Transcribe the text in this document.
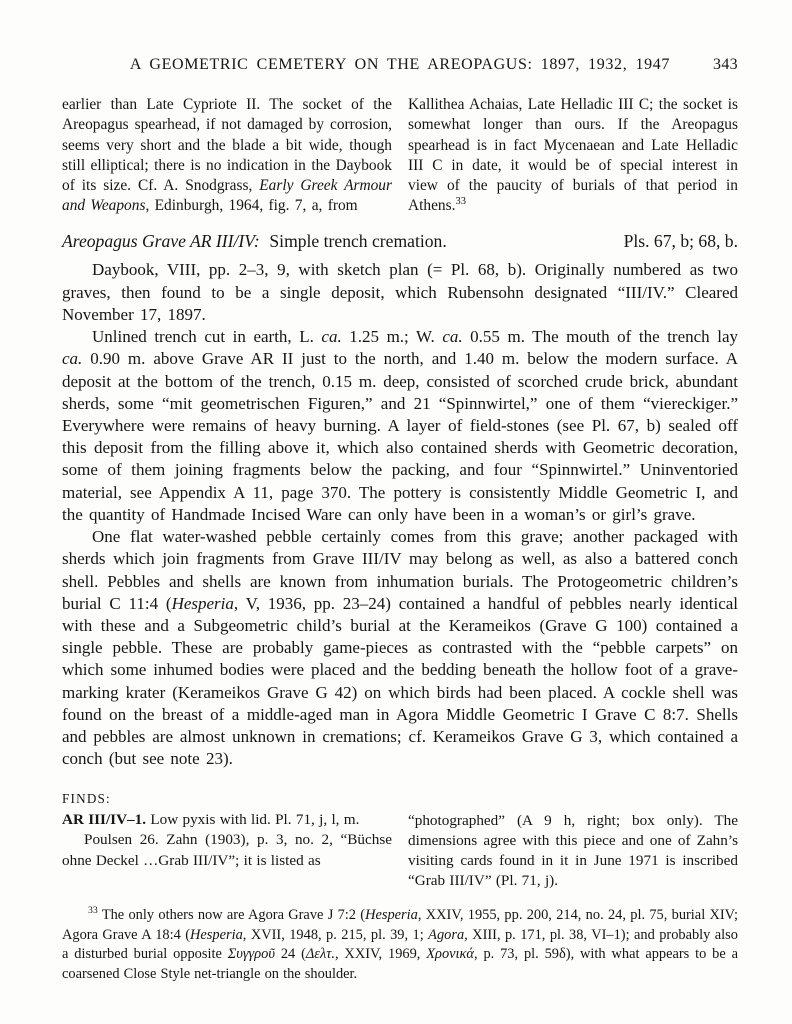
A GEOMETRIC CEMETERY ON THE AREOPAGUS: 1897, 1932, 1947	343
earlier than Late Cypriote II. The socket of the Areopagus spearhead, if not damaged by corrosion, seems very short and the blade a bit wide, though still elliptical; there is no indication in the Daybook of its size. Cf. A. Snodgrass, Early Greek Armour and Weapons, Edinburgh, 1964, fig. 7, a, from
Kallithea Achaias, Late Helladic III C; the socket is somewhat longer than ours. If the Areopagus spearhead is in fact Mycenaean and Late Helladic III C in date, it would be of special interest in view of the paucity of burials of that period in Athens.$^{33}$
Areopagus Grave AR III/IV: Simple trench cremation.	Pls. 67, b; 68, b.

Daybook, VIII, pp. 2–3, 9, with sketch plan (= Pl. 68, b). Originally numbered as two graves, then found to be a single deposit, which Rubensohn designated “III/IV.” Cleared November 17, 1897.

Unlined trench cut in earth, L. ca. 1.25 m.; W. ca. 0.55 m. The mouth of the trench lay ca. 0.90 m. above Grave AR II just to the north, and 1.40 m. below the modern surface. A deposit at the bottom of the trench, 0.15 m. deep, consisted of scorched crude brick, abundant sherds, some “mit geometrischen Figuren,” and 21 “Spinnwirtel,” one of them “viereckiger.” Everywhere were remains of heavy burning. A layer of field-stones (see Pl. 67, b) sealed off this deposit from the filling above it, which also contained sherds with Geometric decoration, some of them joining fragments below the packing, and four “Spinnwirtel.” Uninventoried material, see Appendix A 11, page 370. The pottery is consistently Middle Geometric I, and the quantity of Handmade Incised Ware can only have been in a woman’s or girl’s grave.

One flat water-washed pebble certainly comes from this grave; another packaged with sherds which join fragments from Grave III/IV may belong as well, as also a battered conch shell. Pebbles and shells are known from inhumation burials. The Protogeometric children’s burial C 11:4 (Hesperia, V, 1936, pp. 23–24) contained a handful of pebbles nearly identical with these and a Subgeometric child’s burial at the Kerameikos (Grave G 100) contained a single pebble. These are probably game-pieces as contrasted with the “pebble carpets” on which some inhumed bodies were placed and the bedding beneath the hollow foot of a grave-marking krater (Kerameikos Grave G 42) on which birds had been placed. A cockle shell was found on the breast of a middle-aged man in Agora Middle Geometric I Grave C 8:7. Shells and pebbles are almost unknown in cremations; cf. Kerameikos Grave G 3, which contained a conch (but see note 23).

FINDS:

AR III/IV–1. Low pyxis with lid. Pl. 71, j, l, m.

Poulsen 26. Zahn (1903), p. 3, no. 2, “Büchse ohne Deckel …Grab III/IV”; it is listed as

“photographed” (A 9 h, right; box only). The dimensions agree with this piece and one of Zahn’s visiting cards found in it in June 1971 is inscribed “Grab III/IV” (Pl. 71, j).

$^{33}$ The only others now are Agora Grave J 7:2 (Hesperia, XXIV, 1955, pp. 200, 214, no. 24, pl. 75, burial XIV; Agora Grave A 18:4 (Hesperia, XVII, 1948, p. 215, pl. 39, 1; Agora, XIII, p. 171, pl. 38, VI–1); and probably also a disturbed burial opposite Συγγροῦ 24 (Δελτ., XXIV, 1969, Χρονικά, p. 73, pl. 59δ), with what appears to be a coarsened Close Style net-triangle on the shoulder.
